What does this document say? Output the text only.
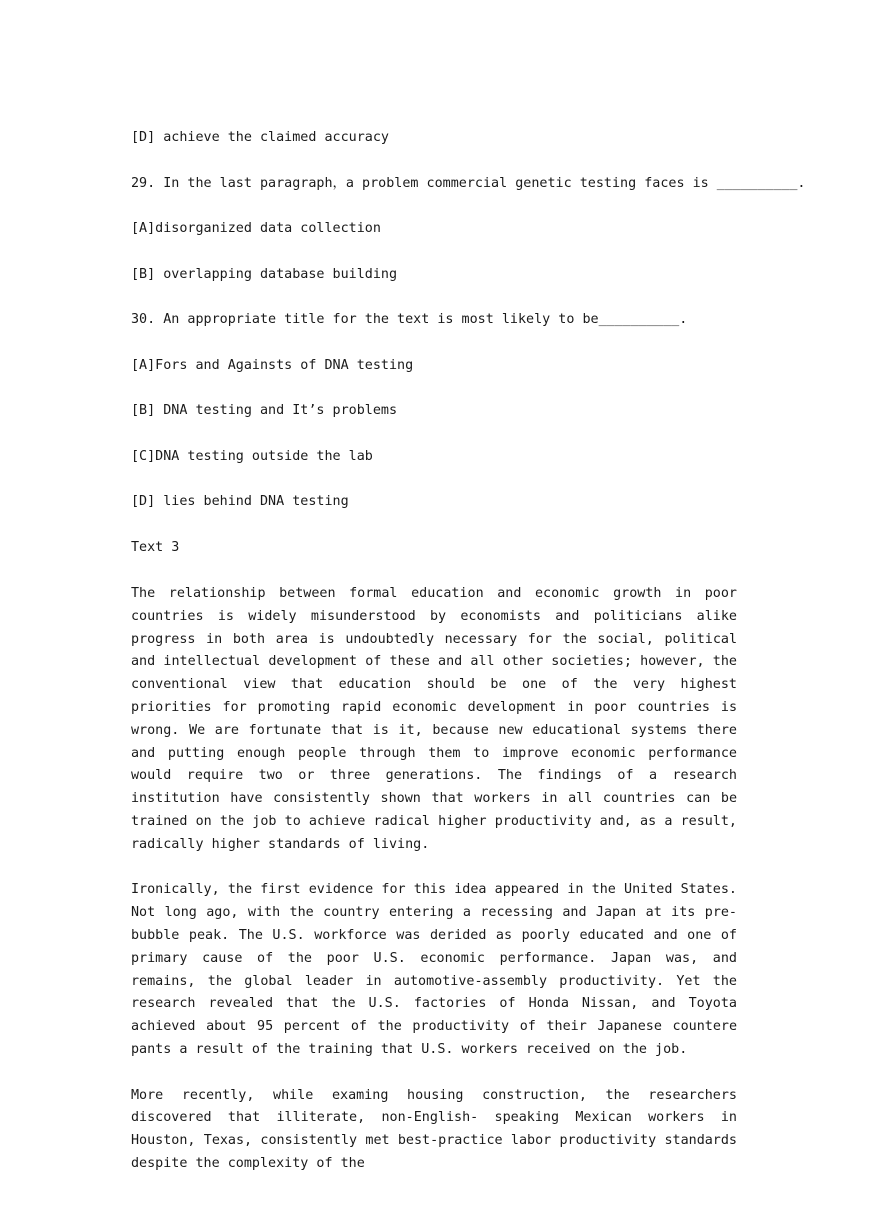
[D] achieve the claimed accuracy
29. In the last paragraph，a problem commercial genetic testing faces is __________.
[A]disorganized data collection
[B] overlapping database building
30. An appropriate title for the text is most likely to be__________.
[A]Fors and Againsts of DNA testing
[B] DNA testing and It’s problems
[C]DNA testing outside the lab
[D] lies behind DNA testing
Text 3

The relationship between formal education and economic growth in poor countries is widely misunderstood by economists and politicians alike progress in both area is undoubtedly necessary for the social, political and intellectual development of these and all other societies; however, the conventional view that education should be one of the very highest priorities for promoting rapid economic development in poor countries is wrong. We are fortunate that is it, because new educational systems there and putting enough people through them to improve economic performance would require two or three generations. The findings of a research institution have consistently shown that workers in all countries can be trained on the job to achieve radical higher productivity and, as a result, radically higher standards of living.

Ironically, the first evidence for this idea appeared in the United States. Not long ago, with the country entering a recessing and Japan at its pre-bubble peak. The U.S. workforce was derided as poorly educated and one of primary cause of the poor U.S. economic performance. Japan was, and remains, the global leader in automotive-assembly productivity. Yet the research revealed that the U.S. factories of Honda Nissan, and Toyota achieved about 95 percent of the productivity of their Japanese countere pants a result of the training that U.S. workers received on the job.

More recently, while examing housing construction, the researchers discovered that illiterate, non-English- speaking Mexican workers in Houston, Texas, consistently met best-practice labor productivity standards despite the complexity of the
